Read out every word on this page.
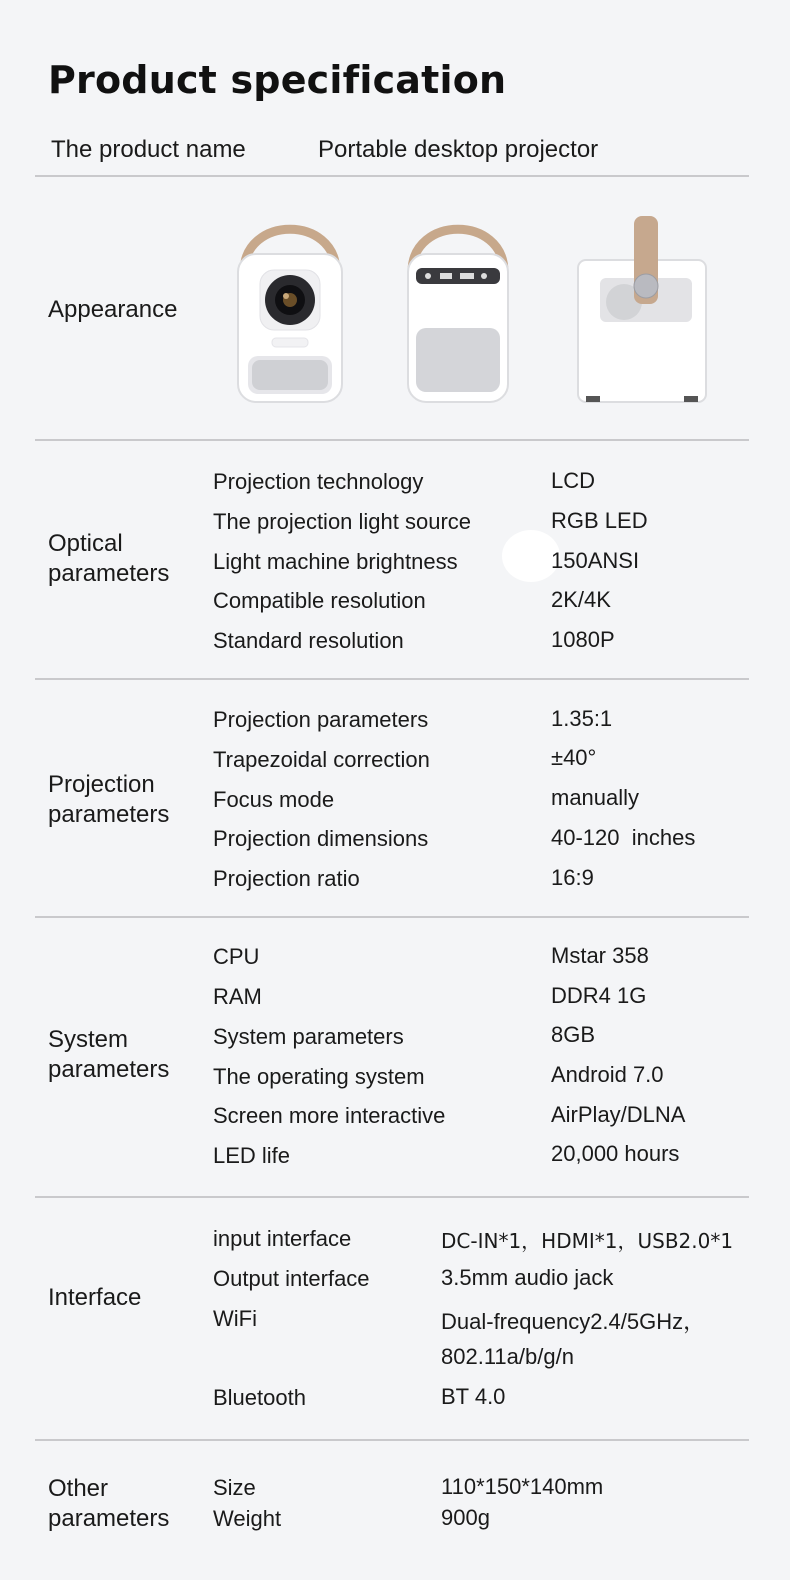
Product specification
The product name	Portable desktop projector
Appearance
Optical
parameters
Projection technology	LCD
The projection light source	RGB LED
Light machine brightness	150ANSI
Compatible resolution	2K/4K
Standard resolution	1080P
Projection
parameters
Projection parameters	1.35:1
Trapezoidal correction	±40°
Focus mode	manually
Projection dimensions	40-120  inches
Projection ratio	16:9
System
parameters
CPU	Mstar 358
RAM	DDR4 1G
System parameters	8GB
The operating system	Android 7.0
Screen more interactive	AirPlay/DLNA
LED life	20,000 hours
Interface
input interface	DC-IN*1，HDMI*1，USB2.0*1
Output interface	3.5mm audio jack
WiFi	Dual-frequency2.4/5GHz，
802.11a/b/g/n
Bluetooth	BT 4.0
Other
parameters
Size	110*150*140mm
Weight	900g
